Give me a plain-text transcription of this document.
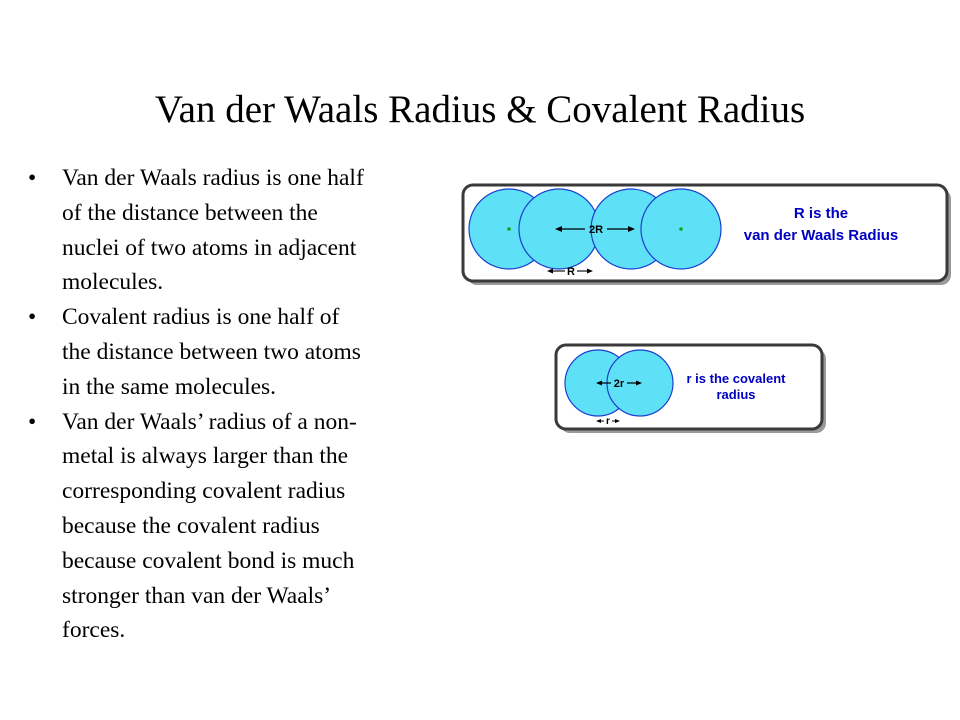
Van der Waals Radius & Covalent Radius
• Van der Waals radius is one half
of the distance between the
nuclei of two atoms in adjacent
molecules.
• Covalent radius is one half of
the distance between two atoms
in the same molecules.
• Van der Waals’ radius of a non-
metal is always larger than the
corresponding covalent radius
because the covalent radius
because covalent bond is much
stronger than van der Waals’
forces.
2R
R
R is the
van der Waals Radius
2r
r
r is the covalent
radius
